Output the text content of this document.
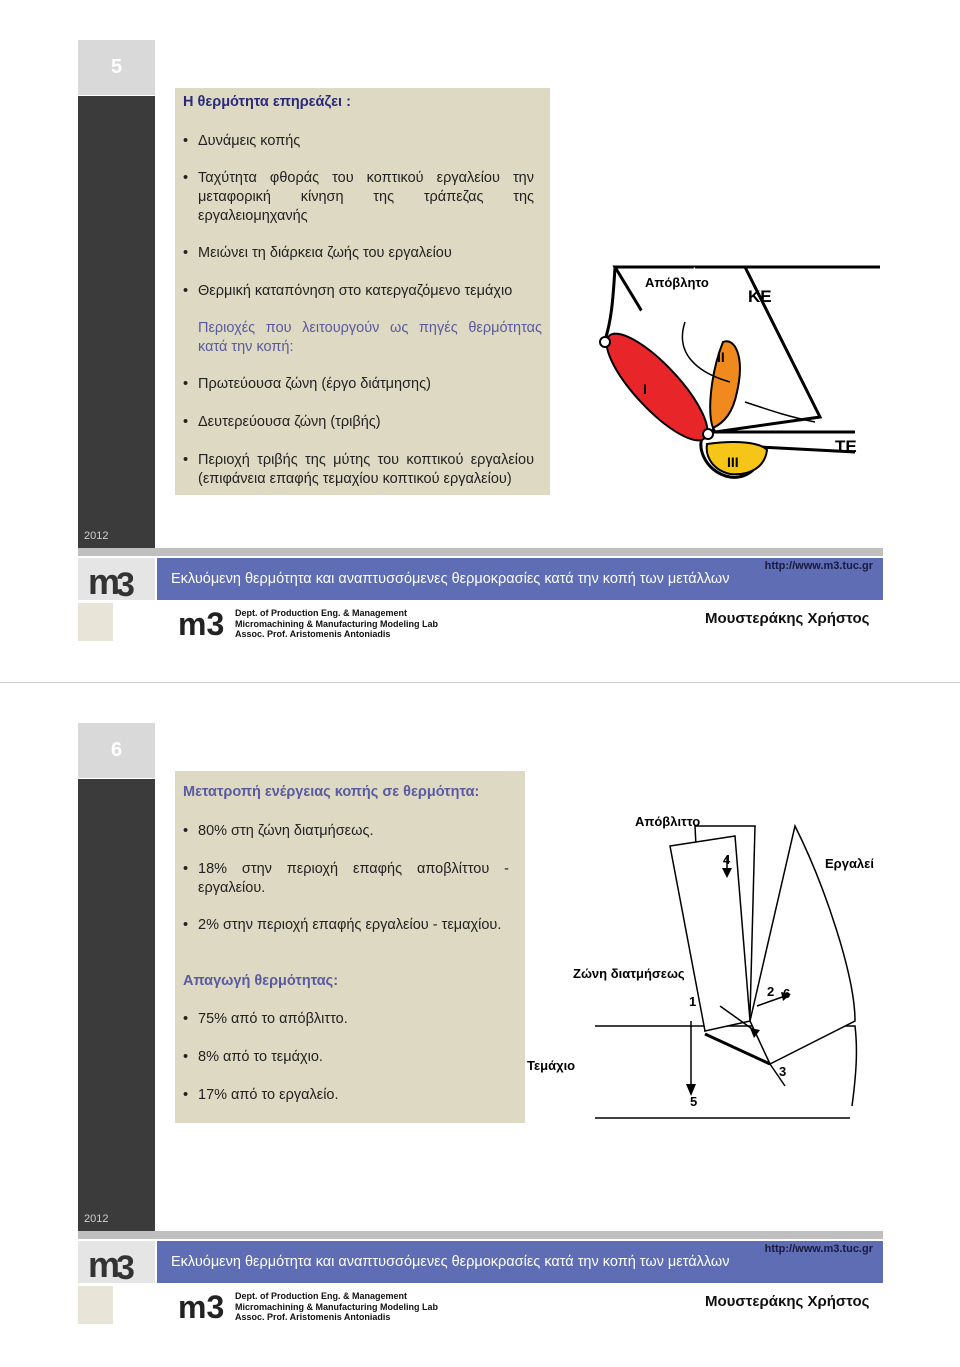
5
ΠΡΟΣΟΜΕΙΩΣΗ ΜΕΤΩΠΙΚΟΥ ΦΡΑΙΖΑΡΙΣΜΑΤΑΟΣ ΜΕ ΠΕΠΕΡΑΣΜΕΝΑ ΣΤΟΙΧΕΙΑ
2012
Η θερμότητα επηρεάζει :
• Δυνάμεις κοπής
• Ταχύτητα φθοράς του κοπτικού εργαλείου την μεταφορική κίνηση της τράπεζας της εργαλειομηχανής
• Μειώνει τη διάρκεια ζωής του εργαλείου
• Θερμική καταπόνηση στο κατεργαζόμενο τεμάχιο
Περιοχές που λειτουργούν ως πηγές θερμότητας κατά την κοπή:
• Πρωτεύουσα ζώνη (έργο διάτμησης)
• Δευτερεύουσα ζώνη (τριβής)
• Περιοχή τριβής της μύτης του κοπτικού εργαλείου (επιφάνεια επαφής τεμαχίου κοπτικού εργαλείου)
Απόβλητο
ΚΕ
ΤΕ
I
II
III
m
3	http://www.m3.tuc.gr
Εκλυόμενη θερμότητα και αναπτυσσόμενες θερμοκρασίες κατά την κοπή των μετάλλων
m3 Dept. of Production Eng. & Management
Micromachining & Manufacturing Modeling Lab
Assoc. Prof. Aristomenis Antoniadis
Μουστεράκης Χρήστος
6
ΠΡΟΣΟΜΕΙΩΣΗ ΜΕΤΩΠΙΚΟΥ ΦΡΑΙΖΑΡΙΣΜΑΤΑΟΣ ΜΕ ΠΕΠΕΡΑΣΜΕΝΑ ΣΤΟΙΧΕΙΑ
2012
Μετατροπή ενέργειας κοπής σε θερμότητα:
• 80% στη ζώνη διατμήσεως.
• 18% στην περιοχή επαφής αποβλίττου - εργαλείου.
• 2% στην περιοχή επαφής εργαλείου - τεμαχίου.
Απαγωγή θερμότητας:
• 75% από το απόβλιττο.
• 8% από το τεμάχιο.
• 17% από το εργαλείο.
Απόβλιττο
Εργαλεί
Ζώνη διατμήσεως
Τεμάχιο
1
2
3
4
5
6
m
3	http://www.m3.tuc.gr
Εκλυόμενη θερμότητα και αναπτυσσόμενες θερμοκρασίες κατά την κοπή των μετάλλων
m3 Dept. of Production Eng. & Management
Micromachining & Manufacturing Modeling Lab
Assoc. Prof. Aristomenis Antoniadis
Μουστεράκης Χρήστος
